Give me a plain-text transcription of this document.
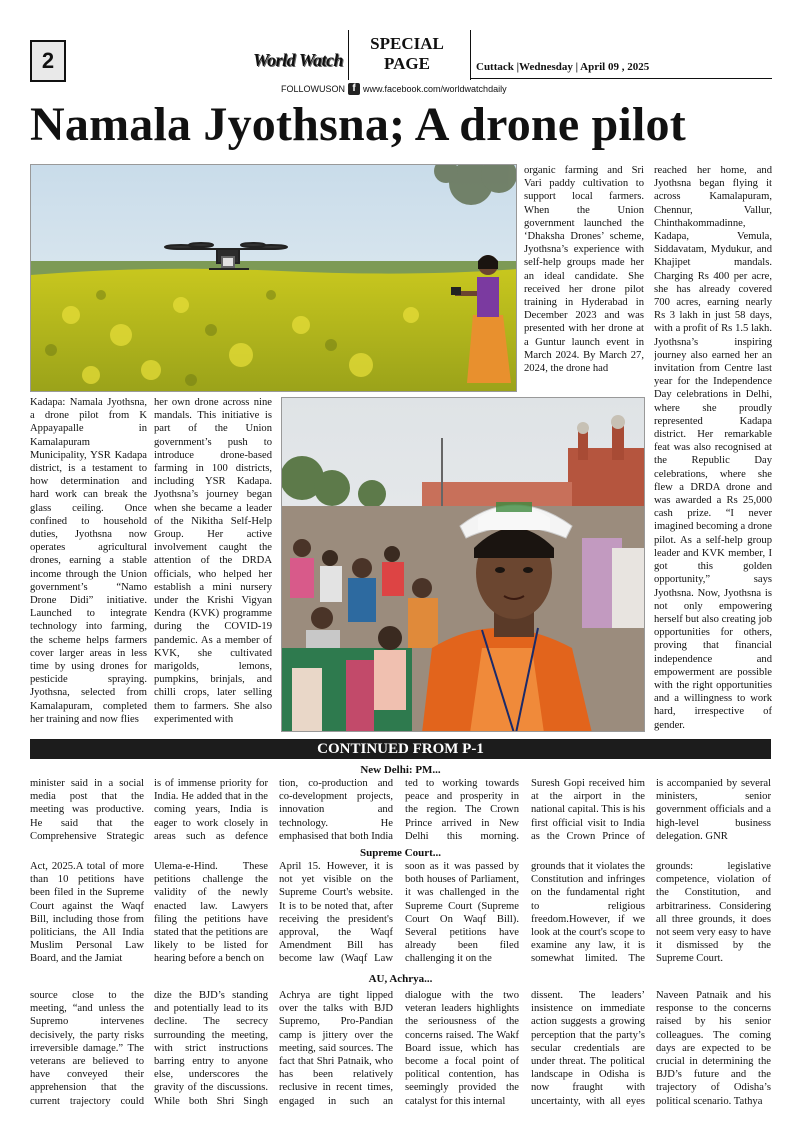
2	World Watch
SPECIAL
PAGE	Cuttack |Wednesday | April 09 , 2025
FOLLOWUSON f www.facebook.com/worldwatchdaily
Namala Jyothsna; A drone pilot
Kadapa: Namala Jyothsna, a drone pilot from K Appayapalle in Kamalapuram Municipality, YSR Kadapa district, is a testament to how determination and hard work can break the glass ceiling. Once confined to household duties, Jyothsna now operates agricultural drones, earning a stable income through the Union government’s “Namo Drone Didi” initiative. Launched to integrate technology into farming, the scheme helps farmers cover larger areas in less time by using drones for pesticide spraying. Jyothsna, selected from Kamalapuram, completed her training and now flies
her own drone across nine mandals. This initiative is part of the Union government’s push to introduce drone-based farming in 100 districts, including YSR Kadapa. Jyothsna’s journey began when she became a leader of the Nikitha Self-Help Group. Her active involvement caught the attention of the DRDA officials, who helped her establish a mini nursery under the Krishi Vigyan Kendra (KVK) programme during the COVID-19 pandemic. As a member of KVK, she cultivated marigolds, lemons, pumpkins, brinjals, and chilli crops, later selling them to farmers. She also experimented with
organic farming and Sri Vari paddy cultivation to support local farmers. When the Union government launched the ‘Dhaksha Drones’ scheme, Jyothsna’s experience with self-help groups made her an ideal candidate. She received her drone pilot training in Hyderabad in December 2023 and was presented with her drone at a Guntur launch event in March 2024. By March 27, 2024, the drone had
reached her home, and Jyothsna began flying it across Kamalapuram, Chennur, Vallur, Chinthakommadinne, Kadapa, Vemula, Siddavatam, Mydukur, and Khajipet mandals. Charging Rs 400 per acre, she has already covered 700 acres, earning nearly Rs 3 lakh in just 58 days, with a profit of Rs 1.5 lakh. Jyothsna’s inspiring journey also earned her an invitation from Centre last year for the Independence Day celebrations in Delhi, where she proudly represented Kadapa district. Her remarkable feat was also recognised at the Republic Day celebrations, where she flew a DRDA drone and was awarded a Rs 25,000 cash prize. “I never imagined becoming a drone pilot. As a self-help group leader and KVK member, I got this golden opportunity,” says Jyothsna. Now, Jyothsna is not only empowering herself but also creating job opportunities for others, proving that financial independence and empowerment are possible with the right opportunities and a willingness to work hard, irrespective of gender.
CONTINUED FROM P-1
New Delhi: PM...
minister said in a social media post that the meeting was productive. He said that the Comprehensive Strategic
is of immense priority for India. He added that in the coming years, India is eager to work closely in areas such as defence
tion, co-production and co-development projects, innovation and technology. He emphasised that both India
ted to working towards peace and prosperity in the region. The Crown Prince arrived in New Delhi this morning.
Suresh Gopi received him at the airport in the national capital. This is his first official visit to India as the Crown Prince of
is accompanied by several ministers, senior government officials and a high-level business delegation. GNR
Supreme Court...
Act, 2025.A total of more than 10 petitions have been filed in the Supreme Court against the Waqf Bill, including those from politicians, the All India Muslim Personal Law Board, and the Jamiat
Ulema-e-Hind. These petitions challenge the validity of the newly enacted law. Lawyers filing the petitions have stated that the petitions are likely to be listed for hearing before a bench on
April 15. However, it is not yet visible on the Supreme Court's website. It is to be noted that, after receiving the president's approval, the Waqf Amendment Bill has become law (Waqf Law
soon as it was passed by both houses of Parliament, it was challenged in the Supreme Court (Supreme Court On Waqf Bill). Several petitions have already been filed challenging it on the
grounds that it violates the Constitution and infringes on the fundamental right to religious freedom.However, if we look at the court's scope to examine any law, it is somewhat limited. The
grounds: legislative competence, violation of the Constitution, and arbitrariness. Considering all three grounds, it does not seem very easy to have it dismissed by the Supreme Court.
AU, Achrya...
source close to the meeting, “and unless the Supremo intervenes decisively, the party risks irreversible damage.” The veterans are believed to have conveyed their apprehension that the current trajectory could
dize the BJD’s standing and potentially lead to its decline. The secrecy surrounding the meeting, with strict instructions barring entry to anyone else, underscores the gravity of the discussions. While both Shri Singh
Achrya are tight lipped over the talks with BJD Supremo, Pro-Pandian camp is jittery over the meeting, said sources. The fact that Shri Patnaik, who has been relatively reclusive in recent times, engaged in such an
dialogue with the two veteran leaders highlights the seriousness of the concerns raised. The Wakf Board issue, which has become a focal point of political contention, has seemingly provided the catalyst for this internal
dissent. The leaders’ insistence on immediate action suggests a growing perception that the party’s secular credentials are under threat. The political landscape in Odisha is now fraught with uncertainty, with all eyes
Naveen Patnaik and his response to the concerns raised by his senior colleagues. The coming days are expected to be crucial in determining the BJD’s future and the trajectory of Odisha’s political scenario. Tathya
